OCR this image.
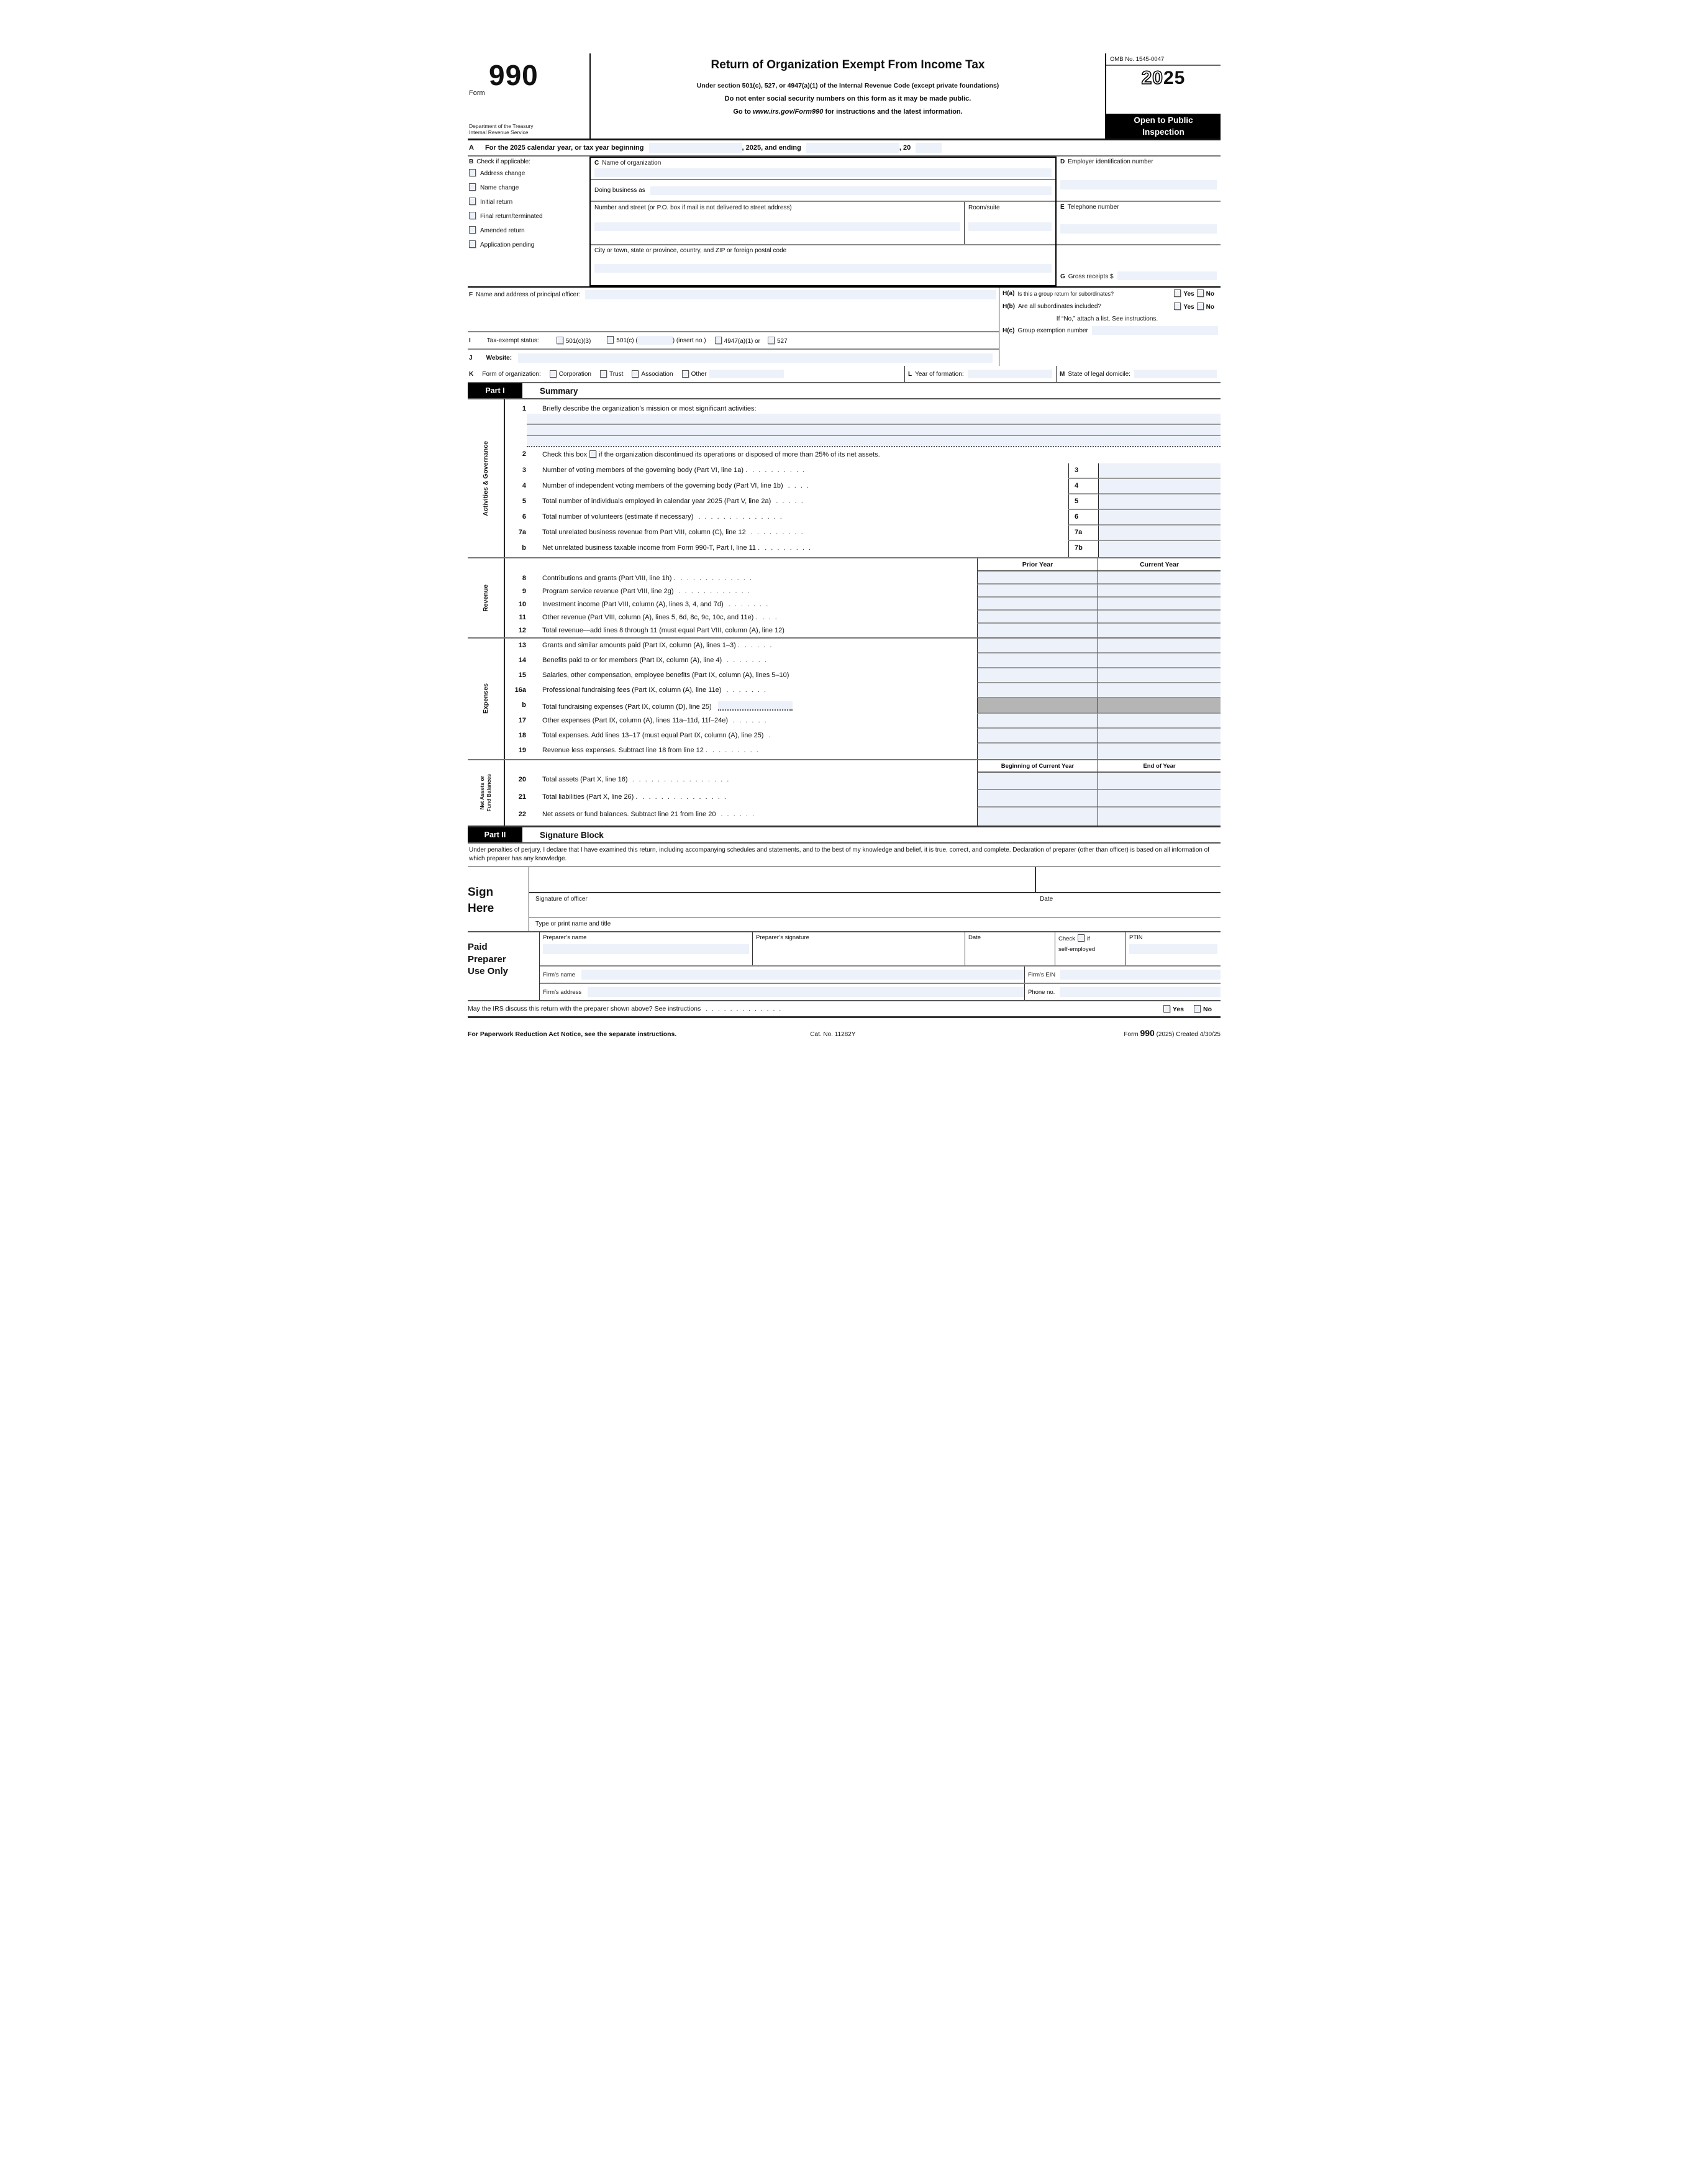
Form
990
Department of the Treasury
Internal Revenue Service
Return of Organization Exempt From Income Tax
Under section 501(c), 527, or 4947(a)(1) of the Internal Revenue Code (except private foundations)
Do not enter social security numbers on this form as it may be made public.
Go to www.irs.gov/Form990 for instructions and the latest information.
OMB No. 1545-0047
2025
Open to Public
Inspection
A For the 2025 calendar year, or tax year beginning	, 2025, and ending	, 20
B Check if applicable:
Address change
Name change
Initial return
Final return/terminated
Amended return
Application pending
C Name of organization
Doing business as
Number and street (or P.O. box if mail is not delivered to street address)	Room/suite
City or town, state or province, country, and ZIP or foreign postal code
D Employer identification number
E Telephone number
G Gross receipts $
F Name and address of principal officer:
I	Tax-exempt status:	501(c)(3)	501(c) (	) (insert no.)	4947(a)(1) or	527
J Website:
H(a) Is this a group return for subordinates?	Yes No
H(b) Are all subordinates included?	Yes No
If “No,” attach a list. See instructions.
H(c) Group exemption number
K Form of organization:	Corporation	Trust	Association	Other	L Year of formation:	M State of legal domicile:
Part I	Summary
Activities & Governance
1	Briefly describe the organization’s mission or most significant activities:
2	Check this box if the organization discontinued its operations or disposed of more than 25% of its net assets.
3	Number of voting members of the governing body (Part VI, line 1a) . . . . . . . . . .	3
4	Number of independent voting members of the governing body (Part VI, line 1b) . . . .	4
5	Total number of individuals employed in calendar year 2025 (Part V, line 2a) . . . . .	5
6	Total number of volunteers (estimate if necessary) . . . . . . . . . . . . . .	6
7a	Total unrelated business revenue from Part VIII, column (C), line 12 . . . . . . . . .	7a
b	Net unrelated business taxable income from Form 990-T, Part I, line 11 . . . . . . . . .	7b
Revenue
Prior Year	Current Year
8	Contributions and grants (Part VIII, line 1h) . . . . . . . . . . . . .
9	Program service revenue (Part VIII, line 2g) . . . . . . . . . . . .
10	Investment income (Part VIII, column (A), lines 3, 4, and 7d) . . . . . . .
11	Other revenue (Part VIII, column (A), lines 5, 6d, 8c, 9c, 10c, and 11e) . . . .
12	Total revenue—add lines 8 through 11 (must equal Part VIII, column (A), line 12)
Expenses
13	Grants and similar amounts paid (Part IX, column (A), lines 1–3) . . . . . .
14	Benefits paid to or for members (Part IX, column (A), line 4) . . . . . . .
15	Salaries, other compensation, employee benefits (Part IX, column (A), lines 5–10)
16a	Professional fundraising fees (Part IX, column (A), line 11e) . . . . . . .
b	Total fundraising expenses (Part IX, column (D), line 25)
17	Other expenses (Part IX, column (A), lines 11a–11d, 11f–24e) . . . . . .
18	Total expenses. Add lines 13–17 (must equal Part IX, column (A), line 25) .
19	Revenue less expenses. Subtract line 18 from line 12 . . . . . . . . .
Net Assets or Fund Balances
Beginning of Current Year	End of Year
20	Total assets (Part X, line 16) . . . . . . . . . . . . . . . .
21	Total liabilities (Part X, line 26) . . . . . . . . . . . . . . .
22	Net assets or fund balances. Subtract line 21 from line 20 . . . . . .
Part II	Signature Block
Under penalties of perjury, I declare that I have examined this return, including accompanying schedules and statements, and to the best of my knowledge and belief, it is true, correct, and complete. Declaration of preparer (other than officer) is based on all information of which preparer has any knowledge.
Sign
Here
Signature of officer	Date
Type or print name and title
Paid
Preparer
Use Only
Preparer’s name	Preparer’s signature	Date	Check if
self-employed
PTIN
Firm’s name	Firm’s EIN
Firm’s address	Phone no.
May the IRS discuss this return with the preparer shown above? See instructions . . . . . . . . . . . . .	Yes	No
For Paperwork Reduction Act Notice, see the separate instructions.	Cat. No. 11282Y	Form 990 (2025) Created 4/30/25
